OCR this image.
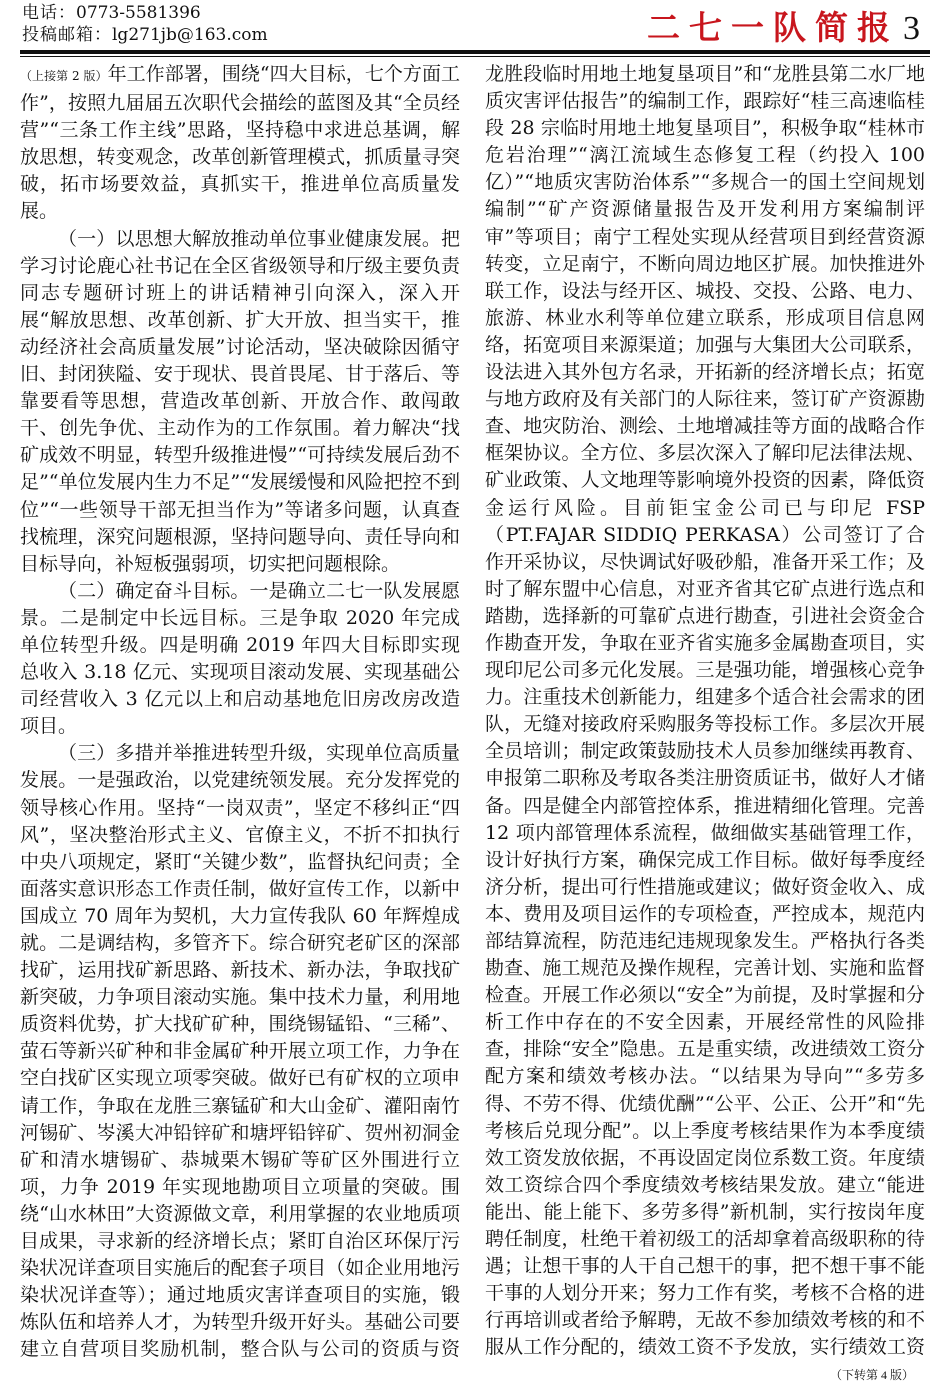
电话：0773-5581396
投稿邮箱：lg271jb@163.com	二七一队简报 3

（上接第 2 版）年工作部署，围绕“四大目标，七个方面工作”，按照九届届五次职代会描绘的蓝图及其“全员经营”“三条工作主线”思路，坚持稳中求进总基调，解放思想，转变观念，改革创新管理模式，抓质量寻突破，拓市场要效益，真抓实干，推进单位高质量发展。

（一）以思想大解放推动单位事业健康发展。把学习讨论鹿心社书记在全区省级领导和厅级主要负责同志专题研讨班上的讲话精神引向深入，深入开展“解放思想、改革创新、扩大开放、担当实干，推动经济社会高质量发展”讨论活动，坚决破除因循守旧、封闭狭隘、安于现状、畏首畏尾、甘于落后、等靠要看等思想，营造改革创新、开放合作、敢闯敢干、创先争优、主动作为的工作氛围。着力解决“找矿成效不明显，转型升级推进慢”“可持续发展后劲不足”“单位发展内生力不足”“发展缓慢和风险把控不到位”“一些领导干部无担当作为”等诸多问题，认真查找梳理，深究问题根源，坚持问题导向、责任导向和目标导向，补短板强弱项，切实把问题根除。

（二）确定奋斗目标。一是确立二七一队发展愿景。二是制定中长远目标。三是争取 2020 年完成单位转型升级。四是明确 2019 年四大目标即实现总收入 3.18 亿元、实现项目滚动发展、实现基础公司经营收入 3 亿元以上和启动基地危旧房改房改造项目。

（三）多措并举推进转型升级，实现单位高质量发展。一是强政治，以党建统领发展。充分发挥党的领导核心作用。坚持“一岗双责”，坚定不移纠正“四风”，坚决整治形式主义、官僚主义，不折不扣执行中央八项规定，紧盯“关键少数”，监督执纪问责；全面落实意识形态工作责任制，做好宣传工作，以新中国成立 70 周年为契机，大力宣传我队 60 年辉煌成就。二是调结构，多管齐下。综合研究老矿区的深部找矿，运用找矿新思路、新技术、新办法，争取找矿新突破，力争项目滚动实施。集中技术力量，利用地质资料优势，扩大找矿矿种，围绕锡锰铅、“三稀”、萤石等新兴矿种和非金属矿种开展立项工作，力争在空白找矿区实现立项零突破。做好已有矿权的立项申请工作，争取在龙胜三寨锰矿和大山金矿、灌阳南竹河锡矿、岑溪大冲铅锌矿和塘坪铅锌矿、贺州初洞金矿和清水塘锡矿、恭城栗木锡矿等矿区外围进行立项，力争 2019 年实现地勘项目立项量的突破。围绕“山水林田”大资源做文章，利用掌握的农业地质项目成果，寻求新的经济增长点；紧盯自治区环保厅污染状况详查项目实施后的配套子项目（如企业用地污染状况详查等）；通过地质灾害详查项目的实施，锻炼队伍和培养人才，为转型升级开好头。基础公司要建立自营项目奖励机制，整合队与公司的资质与资

龙胜段临时用地土地复垦项目”和“龙胜县第二水厂地质灾害评估报告”的编制工作，跟踪好“桂三高速临桂段 28 宗临时用地土地复垦项目”，积极争取“桂林市危岩治理”“漓江流域生态修复工程（约投入 100 亿）”“地质灾害防治体系”“多规合一的国土空间规划编制”“矿产资源储量报告及开发利用方案编制评审”等项目；南宁工程处实现从经营项目到经营资源转变，立足南宁，不断向周边地区扩展。加快推进外联工作，设法与经开区、城投、交投、公路、电力、旅游、林业水利等单位建立联系，形成项目信息网络，拓宽项目来源渠道；加强与大集团大公司联系，设法进入其外包方名录，开拓新的经济增长点；拓宽与地方政府及有关部门的人际往来，签订矿产资源勘查、地灾防治、测绘、土地增减挂等方面的战略合作框架协议。全方位、多层次深入了解印尼法律法规、矿业政策、人文地理等影响境外投资的因素，降低资金运行风险。目前钜宝金公司已与印尼 FSP（PT.FAJAR SIDDIQ PERKASA）公司签订了合作开采协议，尽快调试好吸砂船，准备开采工作；及时了解东盟中心信息，对亚齐省其它矿点进行选点和踏勘，选择新的可靠矿点进行勘查，引进社会资金合作勘查开发，争取在亚齐省实施多金属勘查项目，实现印尼公司多元化发展。三是强功能，增强核心竞争力。注重技术创新能力，组建多个适合社会需求的团队，无缝对接政府采购服务等投标工作。多层次开展全员培训；制定政策鼓励技术人员参加继续再教育、申报第二职称及考取各类注册资质证书，做好人才储备。四是健全内部管控体系，推进精细化管理。完善 12 项内部管理体系流程，做细做实基础管理工作，设计好执行方案，确保完成工作目标。做好每季度经济分析，提出可行性措施或建议；做好资金收入、成本、费用及项目运作的专项检查，严控成本，规范内部结算流程，防范违纪违规现象发生。严格执行各类勘查、施工规范及操作规程，完善计划、实施和监督检查。开展工作必须以“安全”为前提，及时掌握和分析工作中存在的不安全因素，开展经常性的风险排查，排除“安全”隐患。五是重实绩，改进绩效工资分配方案和绩效考核办法。“以结果为导向”“多劳多得、不劳不得、优绩优酬”“公平、公正、公开”和“先考核后兑现分配”。以上季度考核结果作为本季度绩效工资发放依据，不再设固定岗位系数工资。年度绩效工资综合四个季度绩效考核结果发放。建立“能进能出、能上能下、多劳多得”新机制，实行按岗年度聘任制度，杜绝干着初级工的活却拿着高级职称的待遇；让想干事的人干自己想干的事，把不想干事不能干事的人划分开来；努力工作有奖，考核不合格的进行再培训或者给予解聘，无故不参加绩效考核的和不服从工作分配的，绩效工资不予发放，实行绩效工资

（下转第 4 版）
